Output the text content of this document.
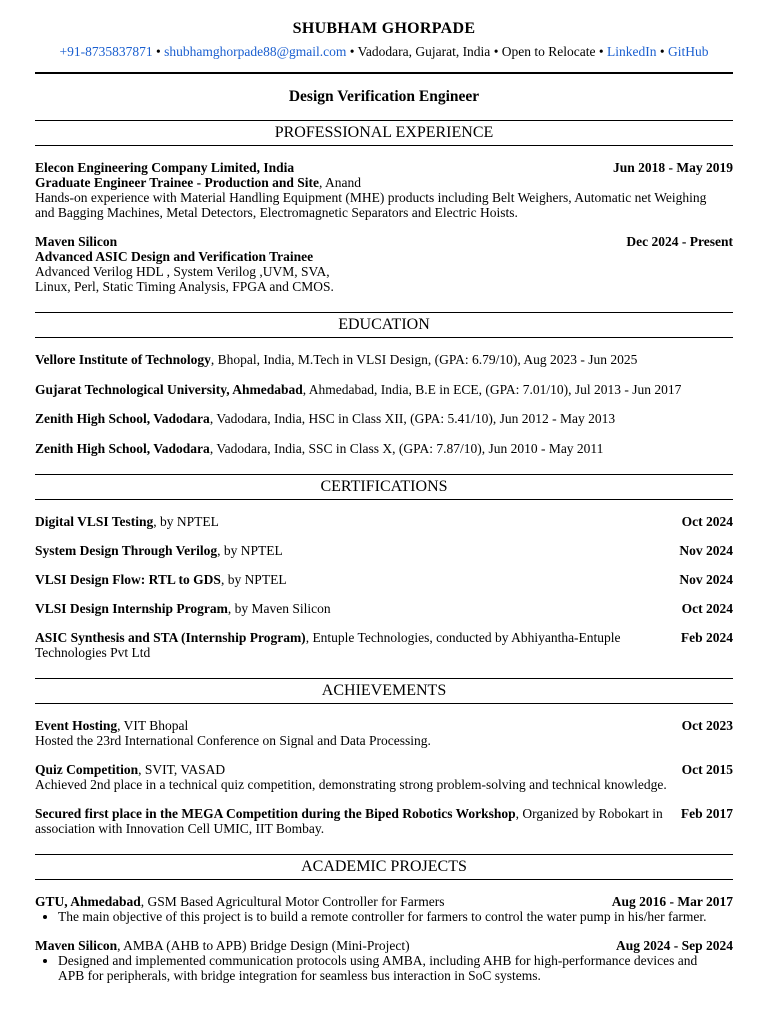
SHUBHAM GHORPADE
+91-8735837871 • shubhamghorpade88@gmail.com • Vadodara, Gujarat, India • Open to Relocate • LinkedIn • GitHub
Design Verification Engineer
PROFESSIONAL EXPERIENCE
Elecon Engineering Company Limited, India	Jun 2018 - May 2019
Graduate Engineer Trainee - Production and Site, Anand
Hands-on experience with Material Handling Equipment (MHE) products including Belt Weighers, Automatic net Weighing
and Bagging Machines, Metal Detectors, Electromagnetic Separators and Electric Hoists.
Maven Silicon	Dec 2024 - Present
Advanced ASIC Design and Verification Trainee
Advanced Verilog HDL , System Verilog ,UVM, SVA,
Linux, Perl, Static Timing Analysis, FPGA and CMOS.
EDUCATION
Vellore Institute of Technology, Bhopal, India, M.Tech in VLSI Design, (GPA: 6.79/10), Aug 2023 - Jun 2025
Gujarat Technological University, Ahmedabad, Ahmedabad, India, B.E in ECE, (GPA: 7.01/10), Jul 2013 - Jun 2017
Zenith High School, Vadodara, Vadodara, India, HSC in Class XII, (GPA: 5.41/10), Jun 2012 - May 2013
Zenith High School, Vadodara, Vadodara, India, SSC in Class X, (GPA: 7.87/10), Jun 2010 - May 2011
CERTIFICATIONS
Digital VLSI Testing, by NPTEL	Oct 2024
System Design Through Verilog, by NPTEL	Nov 2024
VLSI Design Flow: RTL to GDS, by NPTEL	Nov 2024
VLSI Design Internship Program, by Maven Silicon	Oct 2024
ASIC Synthesis and STA (Internship Program), Entuple Technologies, conducted by Abhiyantha-Entuple	Feb 2024
Technologies Pvt Ltd
ACHIEVEMENTS
Event Hosting, VIT Bhopal	Oct 2023
Hosted the 23rd International Conference on Signal and Data Processing.
Quiz Competition, SVIT, VASAD	Oct 2015
Achieved 2nd place in a technical quiz competition, demonstrating strong problem-solving and technical knowledge.
Secured first place in the MEGA Competition during the Biped Robotics Workshop, Organized by Robokart in	Feb 2017
association with Innovation Cell UMIC, IIT Bombay.
ACADEMIC PROJECTS
GTU, Ahmedabad, GSM Based Agricultural Motor Controller for Farmers	Aug 2016 - Mar 2017
• The main objective of this project is to build a remote controller for farmers to control the water pump in his/her farmer.
Maven Silicon, AMBA (AHB to APB) Bridge Design (Mini-Project)	Aug 2024 - Sep 2024
• Designed and implemented communication protocols using AMBA, including AHB for high-performance devices and
APB for peripherals, with bridge integration for seamless bus interaction in SoC systems.
